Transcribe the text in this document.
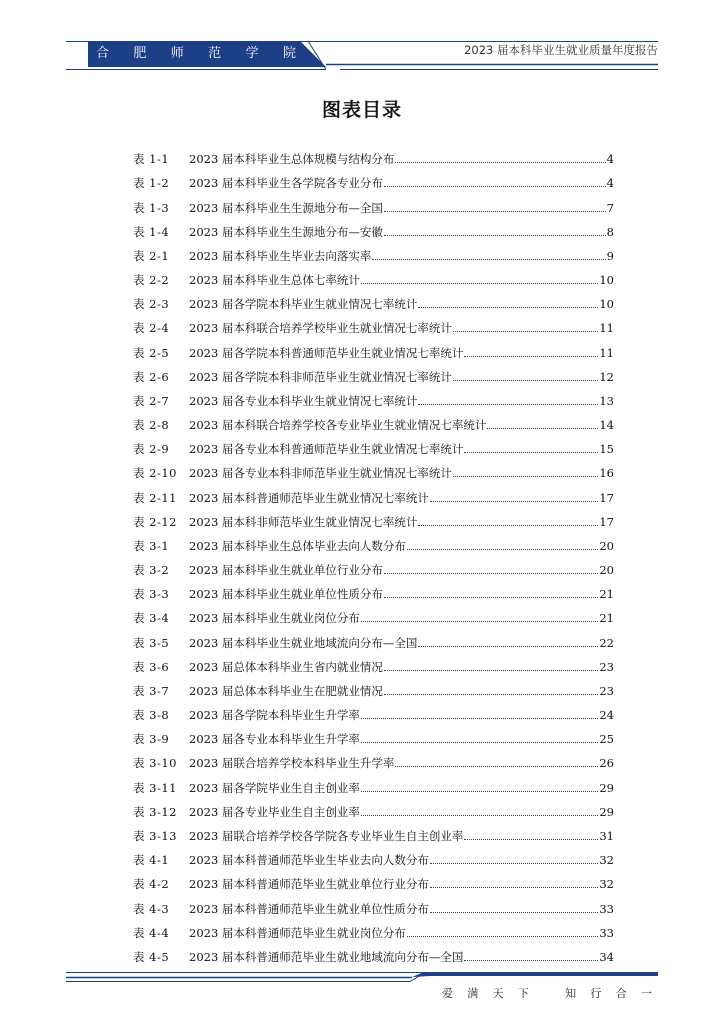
合 肥 师 范 学 院	2023 届本科毕业生就业质量年度报告
图表目录
表 1-1	2023 届本科毕业生总体规模与结构分布	4
表 1-2	2023 届本科毕业生各学院各专业分布	4
表 1-3	2023 届本科毕业生生源地分布—全国	7
表 1-4	2023 届本科毕业生生源地分布—安徽	8
表 2-1	2023 届本科毕业生毕业去向落实率	9
表 2-2	2023 届本科毕业生总体七率统计	10
表 2-3	2023 届各学院本科毕业生就业情况七率统计	10
表 2-4	2023 届本科联合培养学校毕业生就业情况七率统计	11
表 2-5	2023 届各学院本科普通师范毕业生就业情况七率统计	11
表 2-6	2023 届各学院本科非师范毕业生就业情况七率统计	12
表 2-7	2023 届各专业本科毕业生就业情况七率统计	13
表 2-8	2023 届本科联合培养学校各专业毕业生就业情况七率统计	14
表 2-9	2023 届各专业本科普通师范毕业生就业情况七率统计	15
表 2-10	2023 届各专业本科非师范毕业生就业情况七率统计	16
表 2-11	2023 届本科普通师范毕业生就业情况七率统计	17
表 2-12	2023 届本科非师范毕业生就业情况七率统计	17
表 3-1	2023 届本科毕业生总体毕业去向人数分布	20
表 3-2	2023 届本科毕业生就业单位行业分布	20
表 3-3	2023 届本科毕业生就业单位性质分布	21
表 3-4	2023 届本科毕业生就业岗位分布	21
表 3-5	2023 届本科毕业生就业地域流向分布—全国	22
表 3-6	2023 届总体本科毕业生省内就业情况	23
表 3-7	2023 届总体本科毕业生在肥就业情况	23
表 3-8	2023 届各学院本科毕业生升学率	24
表 3-9	2023 届各专业本科毕业生升学率	25
表 3-10	2023 届联合培养学校本科毕业生升学率	26
表 3-11	2023 届各学院毕业生自主创业率	29
表 3-12	2023 届各专业毕业生自主创业率	29
表 3-13	2023 届联合培养学校各学院各专业毕业生自主创业率	31
表 4-1	2023 届本科普通师范毕业生毕业去向人数分布	32
表 4-2	2023 届本科普通师范毕业生就业单位行业分布	32
表 4-3	2023 届本科普通师范毕业生就业单位性质分布	33
表 4-4	2023 届本科普通师范毕业生就业岗位分布	33
表 4-5	2023 届本科普通师范毕业生就业地域流向分布—全国	34
爱 满 天 下	知 行 合 一
